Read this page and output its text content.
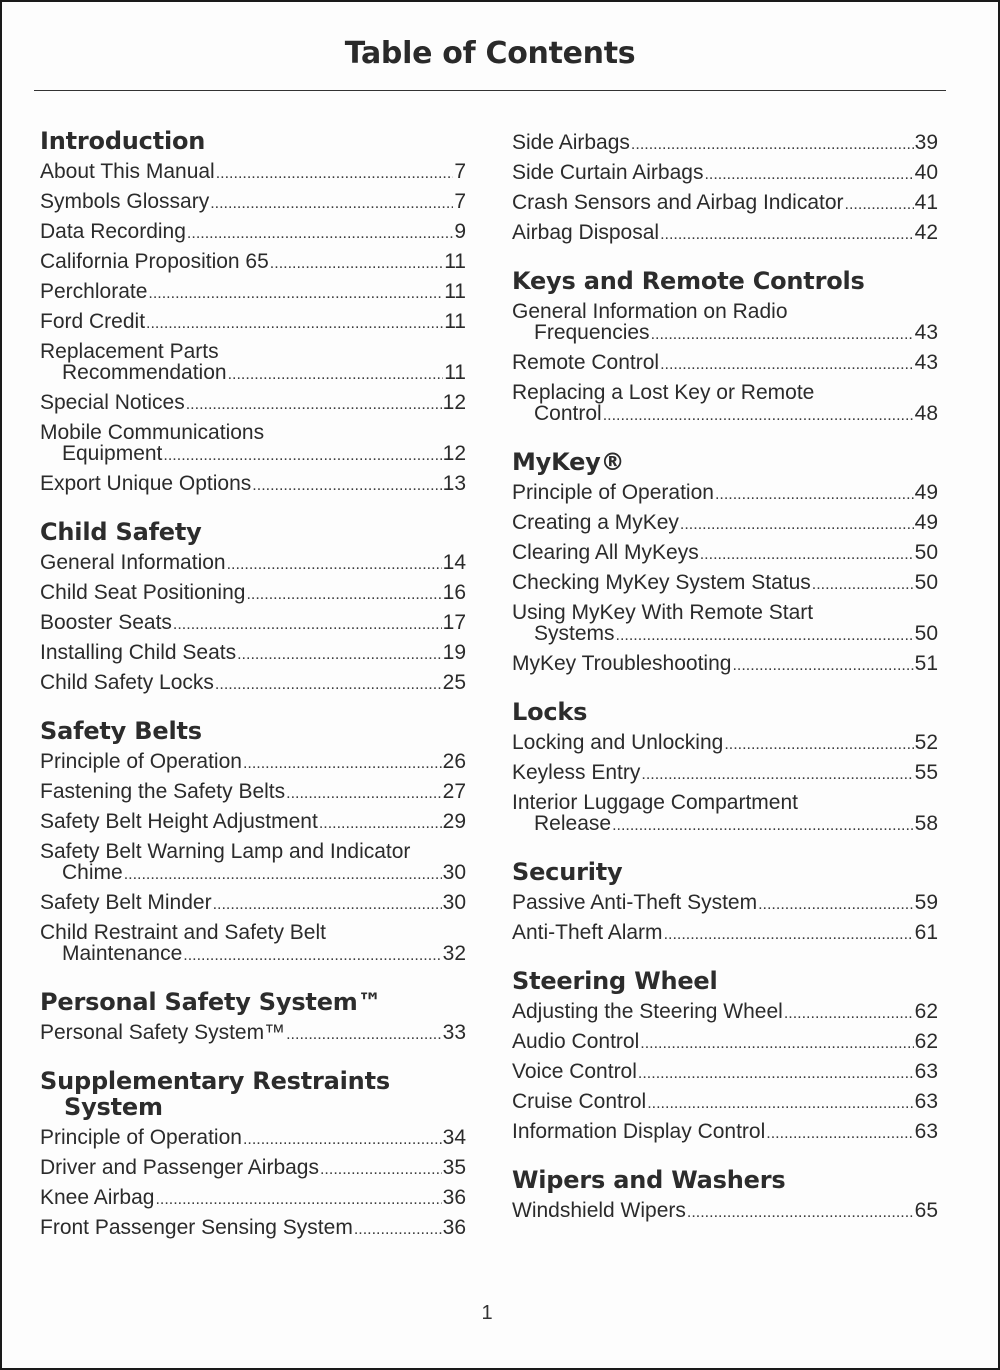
Table of Contents
Introduction
About This Manual .....	7
Symbols Glossary .....	7
Data Recording .....	9
California Proposition 65 .....	11
Perchlorate .....	11
Ford Credit .....	11
Replacement Parts
Recommendation .....	11
Special Notices .....	12
Mobile Communications
Equipment .....	12
Export Unique Options .....	13
Child Safety
General Information .....	14
Child Seat Positioning .....	16
Booster Seats .....	17
Installing Child Seats .....	19
Child Safety Locks .....	25
Safety Belts
Principle of Operation .....	26
Fastening the Safety Belts .....	27
Safety Belt Height Adjustment .....	29
Safety Belt Warning Lamp and Indicator
Chime .....	30
Safety Belt Minder .....	30
Child Restraint and Safety Belt
Maintenance .....	32
Personal Safety System™
Personal Safety System™ .....	33
Supplementary Restraints
System
Principle of Operation .....	34
Driver and Passenger Airbags .....	35
Knee Airbag .....	36
Front Passenger Sensing System .....	36
Side Airbags .....	39
Side Curtain Airbags .....	40
Crash Sensors and Airbag Indicator .....	41
Airbag Disposal .....	42
Keys and Remote Controls
General Information on Radio
Frequencies .....	43
Remote Control .....	43
Replacing a Lost Key or Remote
Control .....	48
MyKey®
Principle of Operation .....	49
Creating a MyKey .....	49
Clearing All MyKeys .....	50
Checking MyKey System Status .....	50
Using MyKey With Remote Start
Systems .....	50
MyKey Troubleshooting .....	51
Locks
Locking and Unlocking .....	52
Keyless Entry .....	55
Interior Luggage Compartment
Release .....	58
Security
Passive Anti-Theft System .....	59
Anti-Theft Alarm .....	61
Steering Wheel
Adjusting the Steering Wheel .....	62
Audio Control .....	62
Voice Control .....	63
Cruise Control .....	63
Information Display Control .....	63
Wipers and Washers
Windshield Wipers .....	65
1
